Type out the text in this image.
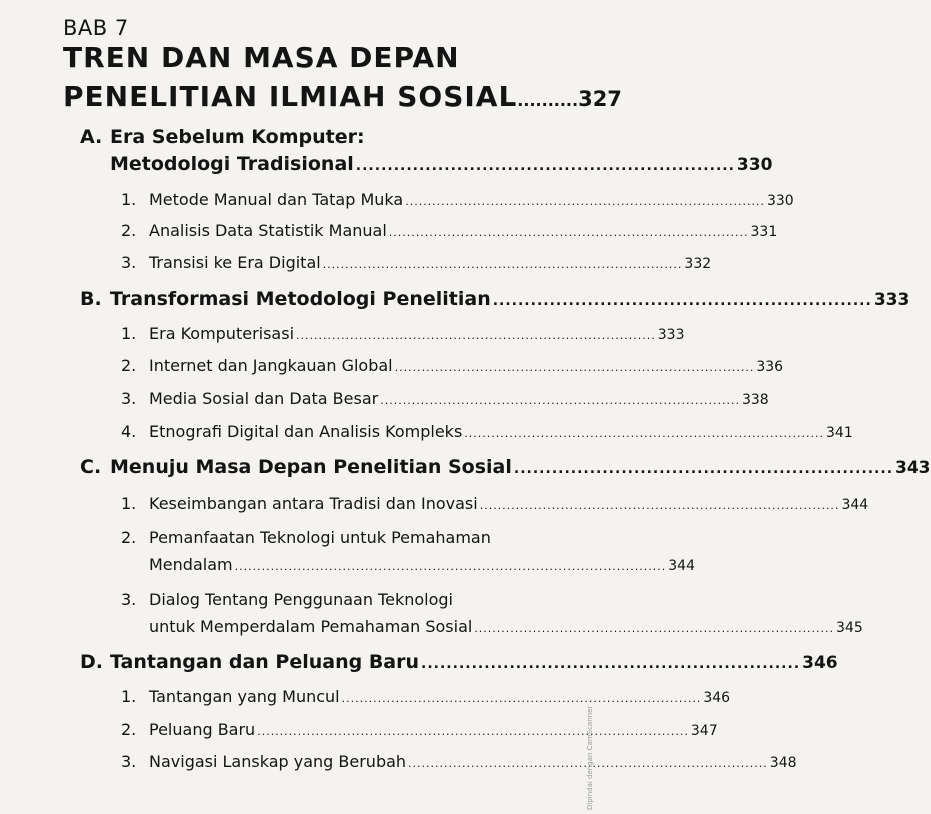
BAB 7
TREN DAN MASA DEPAN
PENELITIAN ILMIAH SOSIAL..........327
A. Era Sebelum Komputer:
Metodologi Tradisional ............................................................ 330
1. Metode Manual dan Tatap Muka ................................................................................ 330
2. Analisis Data Statistik Manual ................................................................................ 331
3. Transisi ke Era Digital ................................................................................ 332
B. Transformasi Metodologi Penelitian ............................................................ 333
1. Era Komputerisasi ................................................................................ 333
2. Internet dan Jangkauan Global ................................................................................ 336
3. Media Sosial dan Data Besar ................................................................................ 338
4. Etnografi Digital dan Analisis Kompleks ................................................................................ 341
C. Menuju Masa Depan Penelitian Sosial ............................................................ 343
1. Keseimbangan antara Tradisi dan Inovasi ................................................................................ 344
2. Pemanfaatan Teknologi untuk Pemahaman
Mendalam ................................................................................................ 344
3. Dialog Tentang Penggunaan Teknologi
untuk Memperdalam Pemahaman Sosial ................................................................................ 345
D. Tantangan dan Peluang Baru ............................................................ 346
1. Tantangan yang Muncul ................................................................................ 346
2. Peluang Baru ................................................................................................ 347
3. Navigasi Lanskap yang Berubah ................................................................................ 348
Dipindai dengan CamScanner
